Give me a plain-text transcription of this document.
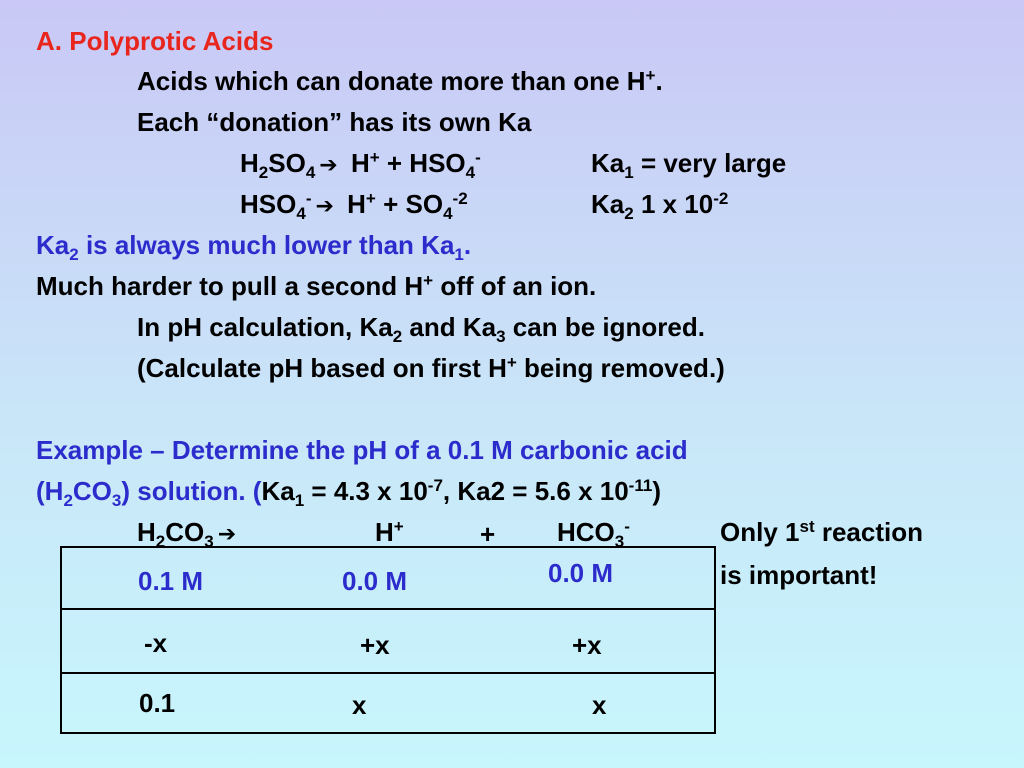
A. Polyprotic Acids
Acids which can donate more than one H+.
Each “donation” has its own Ka
$H_2SO_4$ ➔ $H^+ + HSO_4^-$	$Ka_1$ = very large
$HSO_4^-$ ➔ $H^+ + SO_4^{-2}$	$Ka_2$ 1 x $10^{-2}$
$Ka_2$ is always much lower than $Ka_1$.
Much harder to pull a second H+ off of an ion.
In pH calculation, $Ka_2$ and $Ka_3$ can be ignored.
(Calculate pH based on first H+ being removed.)
Example – Determine the pH of a 0.1 M carbonic acid
$(H_2CO_3)$ solution. ($Ka_1 = 4.3$ x $10^{-7}$, Ka2 = 5.6 x $10^{-11}$)
$H_2CO_3$ ➔	H+	+ $HCO_3^-$	Only 1st reaction
is important!
0.1 M	0.0 M	0.0 M
-x	+x	+x
0.1	x	x
